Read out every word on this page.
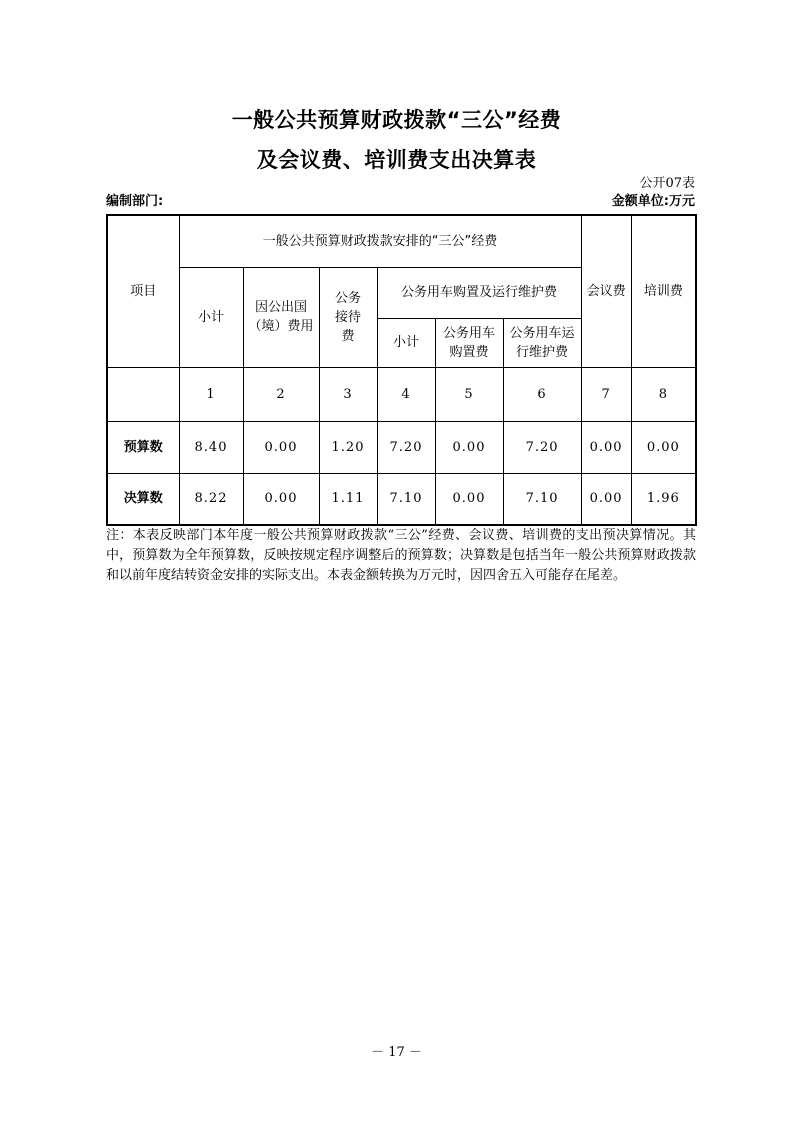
一般公共预算财政拨款“三公”经费
及会议费、培训费支出决算表
公开07表
编制部门:	金额单位:万元
项目	一般公共预算财政拨款安排的“三公”经费						会议费	培训费
	小计	因公出国（境）费用	公务接待费	公务用车购置及运行维护费				
				小计	公务用车购置费	公务用车运行维护费		
	1	2	3	4	5	6	7	8
预算数	8.40	0.00	1.20	7.20	0.00	7.20	0.00	0.00
决算数	8.22	0.00	1.11	7.10	0.00	7.10	0.00	1.96
注：本表反映部门本年度一般公共预算财政拨款“三公”经费、会议费、培训费的支出预决算情况。其中，预算数为全年预算数，反映按规定程序调整后的预算数；决算数是包括当年一般公共预算财政拨款和以前年度结转资金安排的实际支出。本表金额转换为万元时，因四舍五入可能存在尾差。
－ 17 －
